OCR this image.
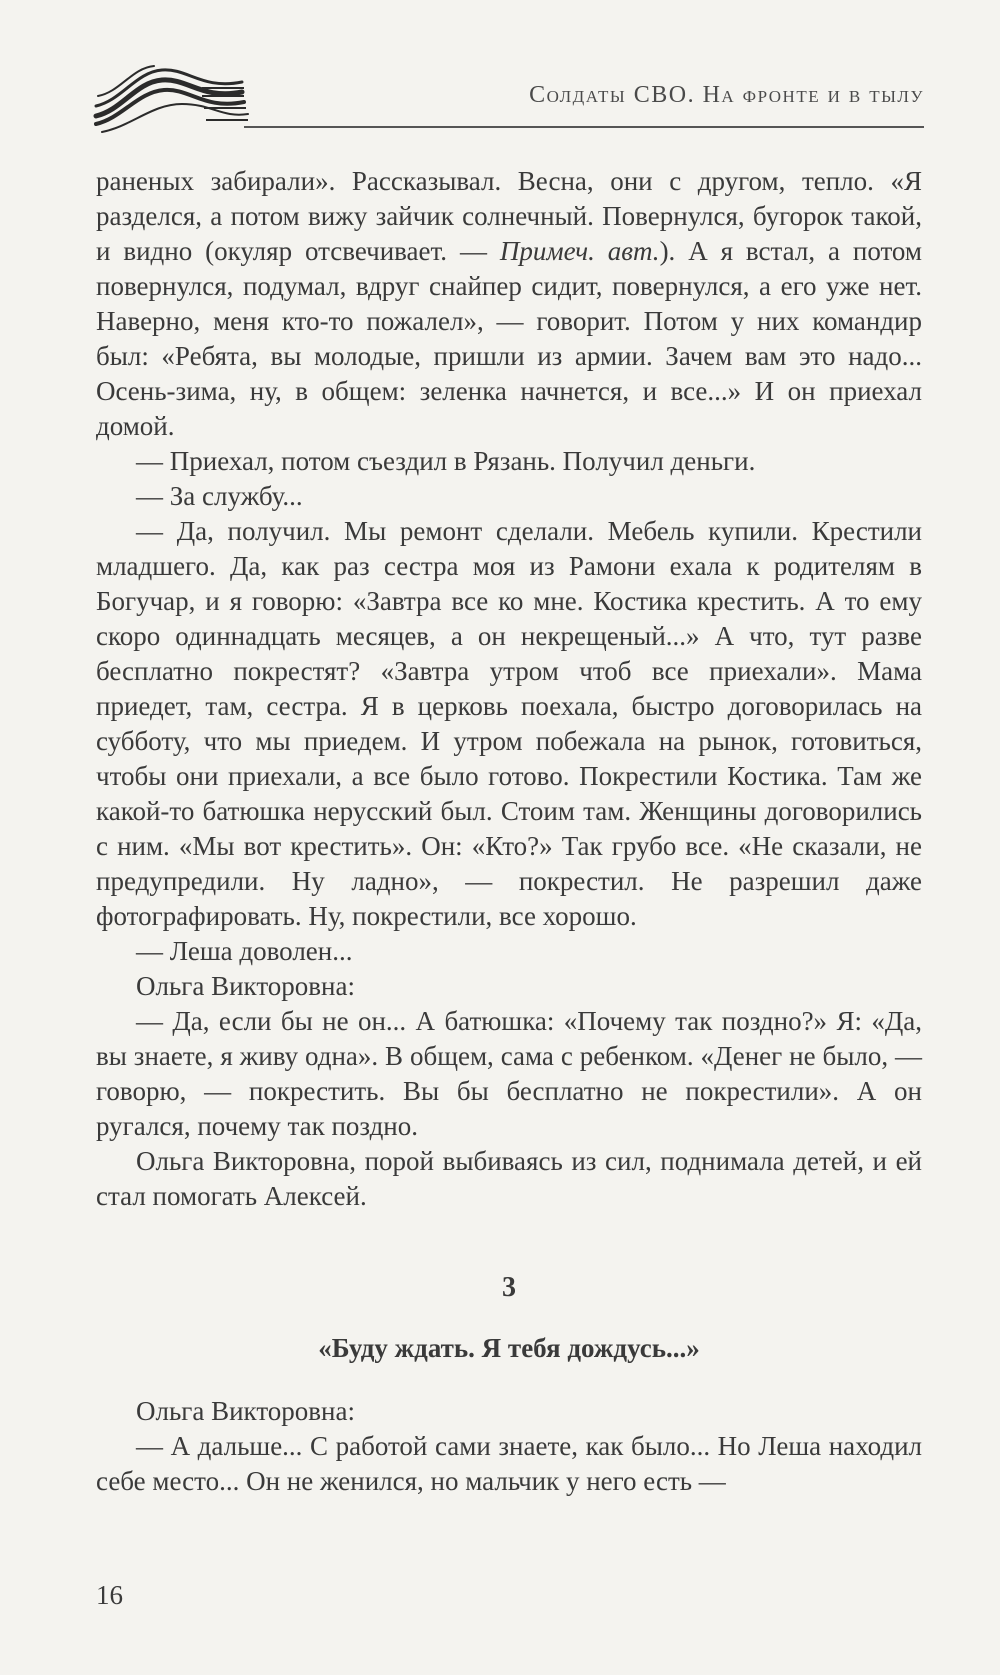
Солдаты СВО. На фронте и в тылу

раненых забирали». Рассказывал. Весна, они с другом, тепло. «Я разделся, а потом вижу зайчик солнечный. Повернулся, бугорок такой, и видно (окуляр отсвечивает. — Примеч. авт.). А я встал, а потом повернулся, подумал, вдруг снайпер сидит, повернулся, а его уже нет. Наверно, меня кто-то пожалел», — говорит. Потом у них командир был: «Ребята, вы молодые, пришли из армии. Зачем вам это надо... Осень-зима, ну, в общем: зеленка начнется, и все...» И он приехал домой.

— Приехал, потом съездил в Рязань. Получил деньги.

— За службу...

— Да, получил. Мы ремонт сделали. Мебель купили. Крестили младшего. Да, как раз сестра моя из Рамони ехала к родителям в Богучар, и я говорю: «Завтра все ко мне. Костика крестить. А то ему скоро одиннадцать месяцев, а он некрещеный...» А что, тут разве бесплатно покрестят? «Завтра утром чтоб все приехали». Мама приедет, там, сестра. Я в церковь поехала, быстро договорилась на субботу, что мы приедем. И утром побежала на рынок, готовиться, чтобы они приехали, а все было готово. Покрестили Костика. Там же какой-то батюшка нерусский был. Стоим там. Женщины договорились с ним. «Мы вот крестить». Он: «Кто?» Так грубо все. «Не сказали, не предупредили. Ну ладно», — покрестил. Не разрешил даже фотографировать. Ну, покрестили, все хорошо.

— Леша доволен...

Ольга Викторовна:

— Да, если бы не он... А батюшка: «Почему так поздно?» Я: «Да, вы знаете, я живу одна». В общем, сама с ребенком. «Денег не было, — говорю, — покрестить. Вы бы бесплатно не покрестили». А он ругался, почему так поздно.

Ольга Викторовна, порой выбиваясь из сил, поднимала детей, и ей стал помогать Алексей.

3
«Буду ждать. Я тебя дождусь...»

Ольга Викторовна:

— А дальше... С работой сами знаете, как было... Но Леша находил себе место... Он не женился, но мальчик у него есть —

16
